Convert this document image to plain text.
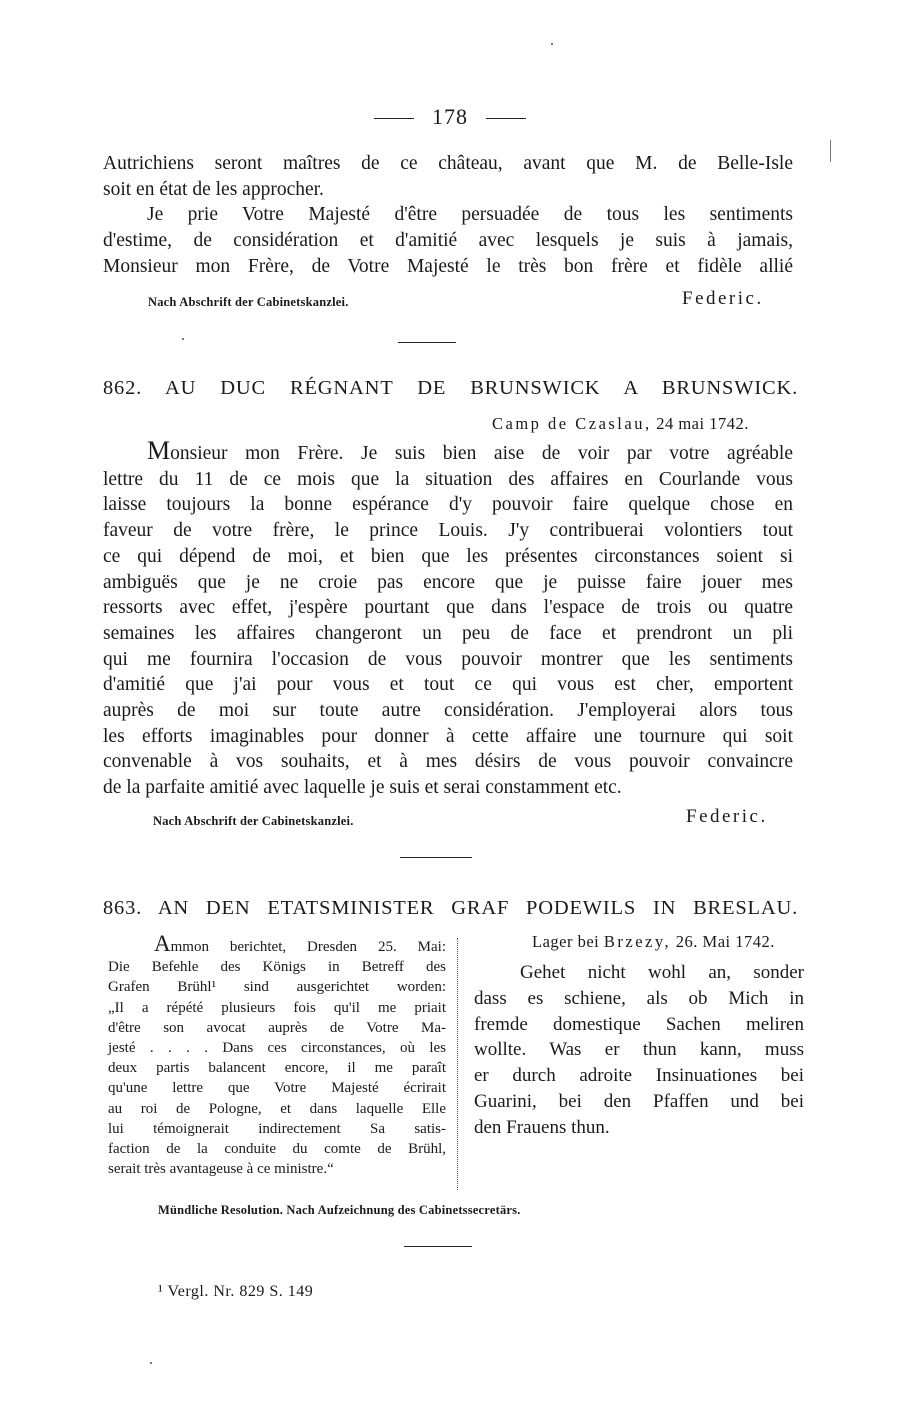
178
Autrichiens seront maîtres de ce château, avant que M. de Belle-Isle
soit en état de les approcher.
Je prie Votre Majesté d'être persuadée de tous les sentiments
d'estime, de considération et d'amitié avec lesquels je suis à jamais,
Monsieur mon Frère, de Votre Majesté le très bon frère et fidèle allié
Nach Abschrift der Cabinetskanzlei.	Federic.
862. AU DUC RÉGNANT DE BRUNSWICK A BRUNSWICK.
Camp de Czaslau, 24 mai 1742.
Monsieur mon Frère. Je suis bien aise de voir par votre agréable
lettre du 11 de ce mois que la situation des affaires en Courlande vous
laisse toujours la bonne espérance d'y pouvoir faire quelque chose en
faveur de votre frère, le prince Louis. J'y contribuerai volontiers tout
ce qui dépend de moi, et bien que les présentes circonstances soient si
ambiguës que je ne croie pas encore que je puisse faire jouer mes
ressorts avec effet, j'espère pourtant que dans l'espace de trois ou quatre
semaines les affaires changeront un peu de face et prendront un pli
qui me fournira l'occasion de vous pouvoir montrer que les sentiments
d'amitié que j'ai pour vous et tout ce qui vous est cher, emportent
auprès de moi sur toute autre considération. J'employerai alors tous
les efforts imaginables pour donner à cette affaire une tournure qui soit
convenable à vos souhaits, et à mes désirs de vous pouvoir convaincre
de la parfaite amitié avec laquelle je suis et serai constamment etc.
Nach Abschrift der Cabinetskanzlei.	Federic.
863. AN DEN ETATSMINISTER GRAF PODEWILS IN BRESLAU.

Ammon berichtet, Dresden 25. Mai:

Die Befehle des Königs in Betreff des

Grafen Brühl¹ sind ausgerichtet worden:

„Il a répété plusieurs fois qu'il me priait

d'être son avocat auprès de Votre Ma-

jesté . . . . Dans ces circonstances, où les

deux partis balancent encore, il me paraît

qu'une lettre que Votre Majesté écrirait

au roi de Pologne, et dans laquelle Elle

lui témoignerait indirectement Sa satis-

faction de la conduite du comte de Brühl,

serait très avantageuse à ce ministre.“

Lager bei Brzezy, 26. Mai 1742.
Gehet nicht wohl an, sonder
dass es schiene, als ob Mich in
fremde domestique Sachen meliren
wollte. Was er thun kann, muss
er durch adroite Insinuationes bei
Guarini, bei den Pfaffen und bei
den Frauens thun.
Mündliche Resolution. Nach Aufzeichnung des Cabinetssecretärs.
¹ Vergl. Nr. 829 S. 149
